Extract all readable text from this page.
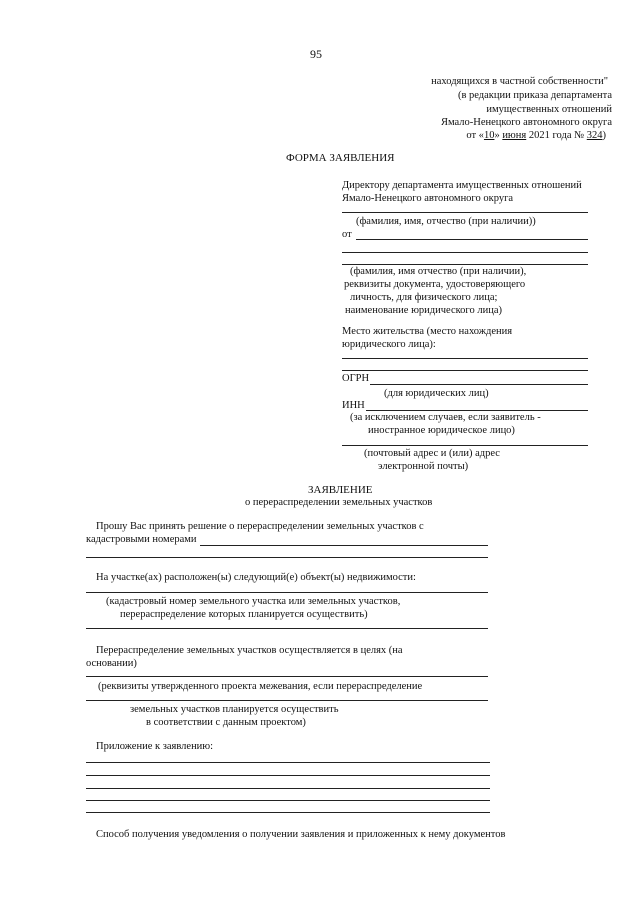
95
находящихся в частной собственности"
(в редакции приказа департамента
имущественных отношений
Ямало-Ненецкого автономного округа
от «10» июня 2021 года № 324)
ФОРМА ЗАЯВЛЕНИЯ
Директору департамента имущественных отношений
Ямало-Ненецкого автономного округа
(фамилия, имя, отчество (при наличии))
от
(фамилия, имя отчество (при наличии),
реквизиты документа, удостоверяющего
личность, для физического лица;
наименование юридического лица)
Место жительства (место нахождения
юридического лица):
ОГРН
(для юридических лиц)
ИНН
(за исключением случаев, если заявитель -
иностранное юридическое лицо)
(почтовый адрес и (или) адрес
электронной почты)
ЗАЯВЛЕНИЕ
о перераспределении земельных участков
Прошу Вас принять решение о перераспределении земельных участков с
кадастровыми номерами
На участке(ах) расположен(ы) следующий(е) объект(ы) недвижимости:
(кадастровый номер земельного участка или земельных участков,
перераспределение которых планируется осуществить)
Перераспределение земельных участков осуществляется в целях (на
основании)
(реквизиты утвержденного проекта межевания, если перераспределение
земельных участков планируется осуществить
в соответствии с данным проектом)
Приложение к заявлению:
Способ получения уведомления о получении заявления и приложенных к нему документов
